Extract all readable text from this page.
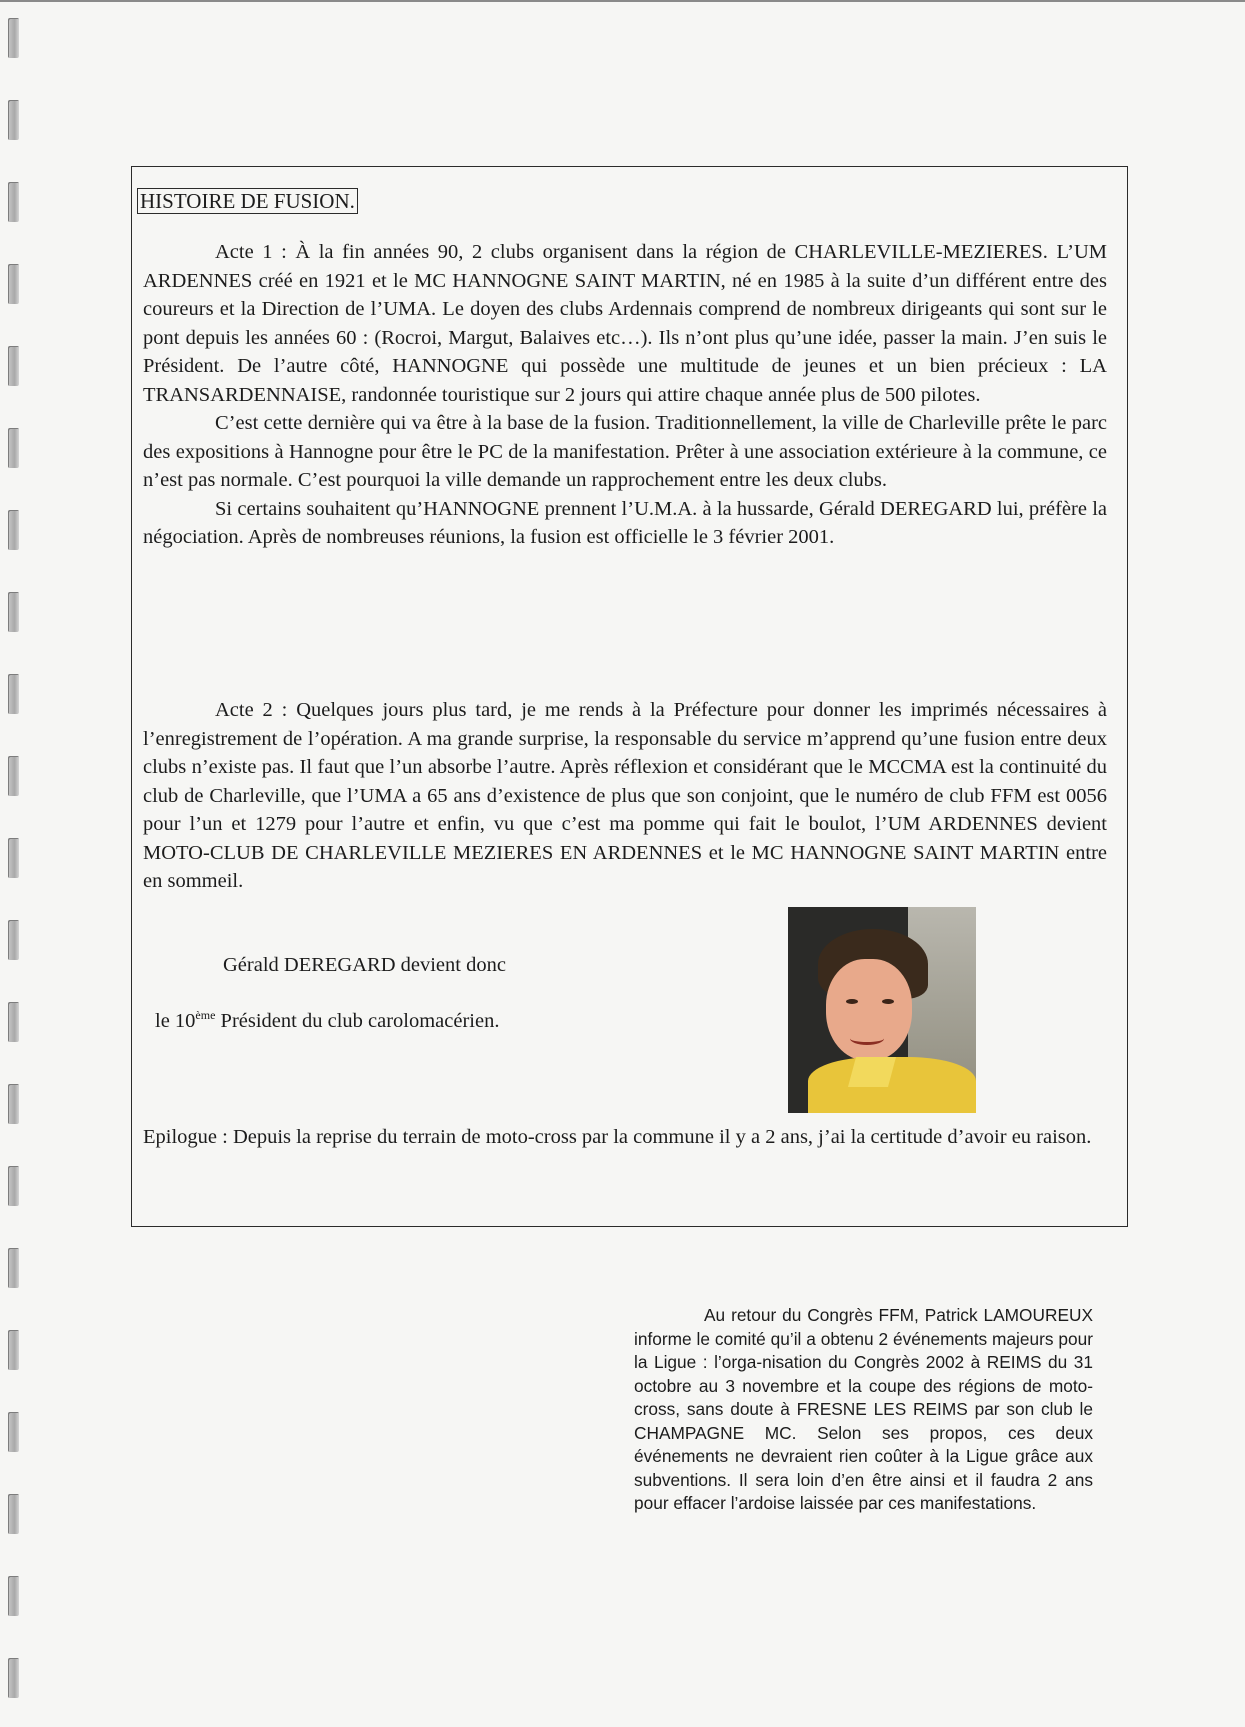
HISTOIRE DE FUSION.

Acte 1 : À la fin années 90, 2 clubs organisent dans la région de CHARLEVILLE-MEZIERES. L’UM ARDENNES créé en 1921 et le MC HANNOGNE SAINT MARTIN, né en 1985 à la suite d’un différent entre des coureurs et la Direction de l’UMA. Le doyen des clubs Ardennais comprend de nombreux dirigeants qui sont sur le pont depuis les années 60 : (Rocroi, Margut, Balaives etc…). Ils n’ont plus qu’une idée, passer la main. J’en suis le Président. De l’autre côté, HANNOGNE qui possède une multitude de jeunes et un bien précieux : LA TRANSARDENNAISE, randonnée touristique sur 2 jours qui attire chaque année plus de 500 pilotes.

C’est cette dernière qui va être à la base de la fusion. Traditionnellement, la ville de Charleville prête le parc des expositions à Hannogne pour être le PC de la manifestation. Prêter à une association extérieure à la commune, ce n’est pas normale. C’est pourquoi la ville demande un rapprochement entre les deux clubs.

Si certains souhaitent qu’HANNOGNE prennent l’U.M.A. à la hussarde, Gérald DEREGARD lui, préfère la négociation. Après de nombreuses réunions, la fusion est officielle le 3 février 2001.

Acte 2 : Quelques jours plus tard, je me rends à la Préfecture pour donner les imprimés nécessaires à l’enregistrement de l’opération. A ma grande surprise, la responsable du service m’apprend qu’une fusion entre deux clubs n’existe pas. Il faut que l’un absorbe l’autre. Après réflexion et considérant que le MCCMA est la continuité du club de Charleville, que l’UMA a 65 ans d’existence de plus que son conjoint, que le numéro de club FFM est 0056 pour l’un et 1279 pour l’autre et enfin, vu que c’est ma pomme qui fait le boulot, l’UM ARDENNES devient MOTO-CLUB DE CHARLEVILLE MEZIERES EN ARDENNES et le MC HANNOGNE SAINT MARTIN entre en sommeil.

Gérald DEREGARD devient donc
le 10ème Président du club carolomacérien.

Epilogue : Depuis la reprise du terrain de moto-cross par la commune il y a 2 ans, j’ai la certitude d’avoir eu raison.

Au retour du Congrès FFM, Patrick LAMOUREUX informe le comité qu’il a obtenu 2 événements majeurs pour la Ligue : l’orga-nisation du Congrès 2002 à REIMS du 31 octobre au 3 novembre et la coupe des régions de moto-cross, sans doute à FRESNE LES REIMS par son club le CHAMPAGNE MC. Selon ses propos, ces deux événements ne devraient rien coûter à la Ligue grâce aux subventions. Il sera loin d’en être ainsi et il faudra 2 ans pour effacer l’ardoise laissée par ces manifestations.
